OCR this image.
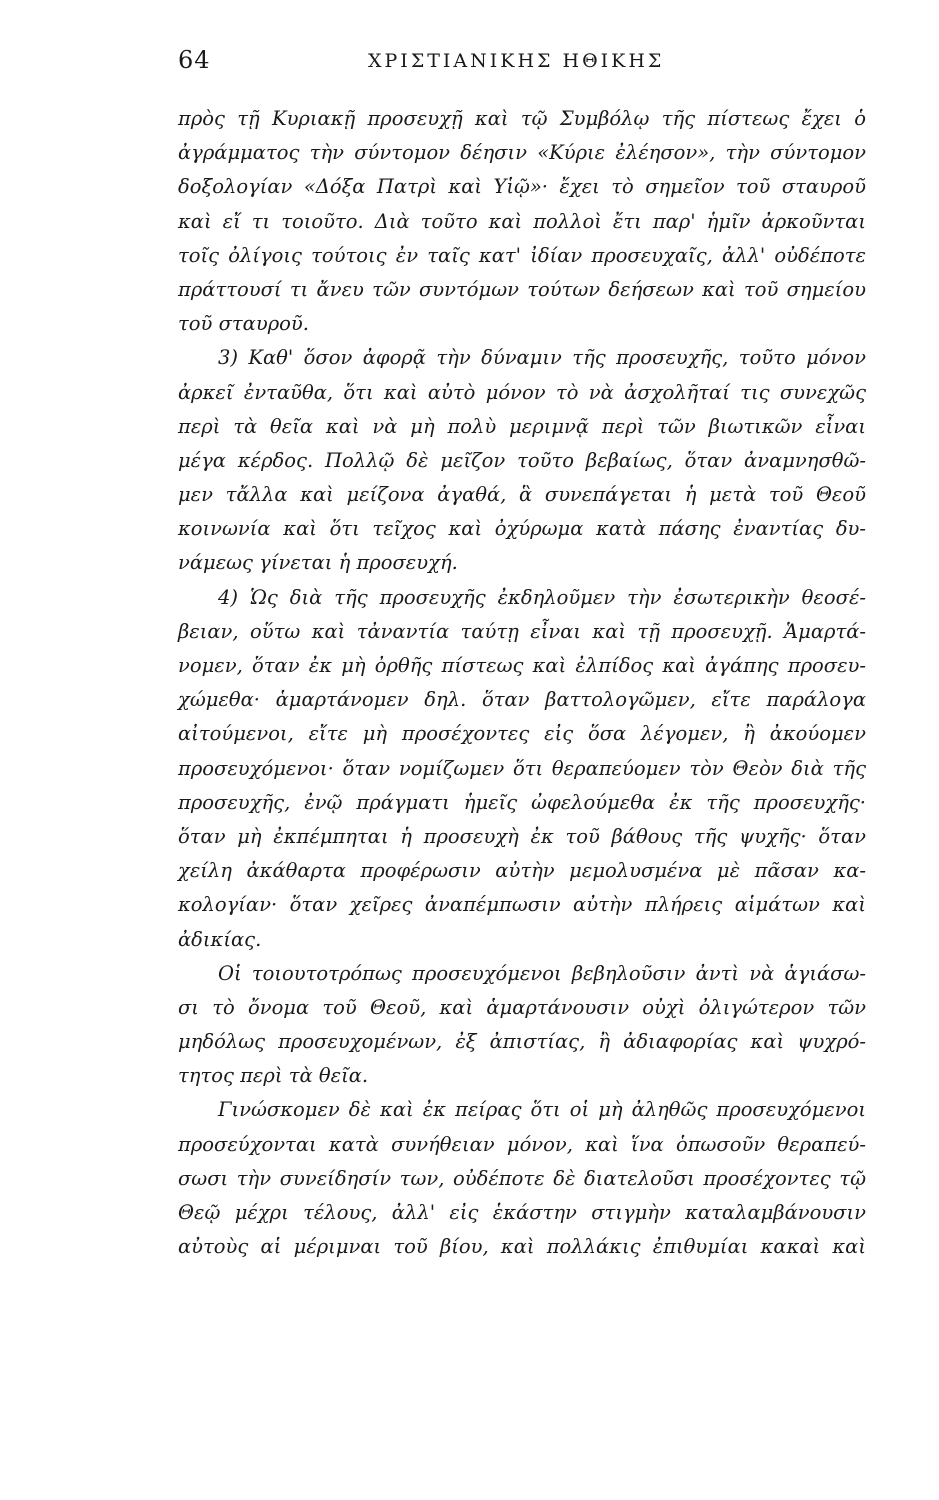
64	ΧΡΙΣΤΙΑΝΙΚΗΣ ΗΘΙΚΗΣ
πρὸς τῇ Κυριακῇ προσευχῇ καὶ τῷ Συμβόλῳ τῆς πίστεως ἔχει ὁ
ἀγράμματος τὴν σύντομον δέησιν «Κύριε ἐλέησον», τὴν σύντομον
δοξολογίαν «Δόξα Πατρὶ καὶ Υἱῷ»· ἔχει τὸ σημεῖον τοῦ σταυροῦ
καὶ εἴ τι τοιοῦτο. Διὰ τοῦτο καὶ πολλοὶ ἔτι παρ' ἡμῖν ἀρκοῦνται
τοῖς ὀλίγοις τούτοις ἐν ταῖς κατ' ἰδίαν προσευχαῖς, ἀλλ' οὐδέποτε
πράττουσί τι ἄνευ τῶν συντόμων τούτων δεήσεων καὶ τοῦ σημείου
τοῦ σταυροῦ.
3) Καθ' ὅσον ἀφορᾷ τὴν δύναμιν τῆς προσευχῆς, τοῦτο μόνον
ἀρκεῖ ἐνταῦθα, ὅτι καὶ αὐτὸ μόνον τὸ νὰ ἀσχολῆταί τις συνεχῶς
περὶ τὰ θεῖα καὶ νὰ μὴ πολὺ μεριμνᾷ περὶ τῶν βιωτικῶν εἶναι
μέγα κέρδος. Πολλῷ δὲ μεῖζον τοῦτο βεβαίως, ὅταν ἀναμνησθῶ-
μεν τἄλλα καὶ μείζονα ἀγαθά, ἃ συνεπάγεται ἡ μετὰ τοῦ Θεοῦ
κοινωνία καὶ ὅτι τεῖχος καὶ ὀχύρωμα κατὰ πάσης ἐναντίας δυ-
νάμεως γίνεται ἡ προσευχή.
4) Ὡς διὰ τῆς προσευχῆς ἐκδηλοῦμεν τὴν ἐσωτερικὴν θεοσέ-
βειαν, οὕτω καὶ τἀναντία ταύτῃ εἶναι καὶ τῇ προσευχῇ. Ἁμαρτά-
νομεν, ὅταν ἐκ μὴ ὀρθῆς πίστεως καὶ ἐλπίδος καὶ ἀγάπης προσευ-
χώμεθα· ἁμαρτάνομεν δηλ. ὅταν βαττολογῶμεν, εἴτε παράλογα
αἰτούμενοι, εἴτε μὴ προσέχοντες εἰς ὅσα λέγομεν, ἢ ἀκούομεν
προσευχόμενοι· ὅταν νομίζωμεν ὅτι θεραπεύομεν τὸν Θεὸν διὰ τῆς
προσευχῆς, ἐνῷ πράγματι ἡμεῖς ὠφελούμεθα ἐκ τῆς προσευχῆς·
ὅταν μὴ ἐκπέμπηται ἡ προσευχὴ ἐκ τοῦ βάθους τῆς ψυχῆς· ὅταν
χείλη ἀκάθαρτα προφέρωσιν αὐτὴν μεμολυσμένα μὲ πᾶσαν κα-
κολογίαν· ὅταν χεῖρες ἀναπέμπωσιν αὐτὴν πλήρεις αἱμάτων καὶ
ἀδικίας.
Οἱ τοιουτοτρόπως προσευχόμενοι βεβηλοῦσιν ἀντὶ νὰ ἁγιάσω-
σι τὸ ὄνομα τοῦ Θεοῦ, καὶ ἁμαρτάνουσιν οὐχὶ ὀλιγώτερον τῶν
μηδόλως προσευχομένων, ἐξ ἀπιστίας, ἢ ἀδιαφορίας καὶ ψυχρό-
τητος περὶ τὰ θεῖα.
Γινώσκομεν δὲ καὶ ἐκ πείρας ὅτι οἱ μὴ ἀληθῶς προσευχόμενοι
προσεύχονται κατὰ συνήθειαν μόνον, καὶ ἵνα ὁπωσοῦν θεραπεύ-
σωσι τὴν συνείδησίν των, οὐδέποτε δὲ διατελοῦσι προσέχοντες τῷ
Θεῷ μέχρι τέλους, ἀλλ' εἰς ἑκάστην στιγμὴν καταλαμβάνουσιν
αὐτοὺς αἱ μέριμναι τοῦ βίου, καὶ πολλάκις ἐπιθυμίαι κακαὶ καὶ
